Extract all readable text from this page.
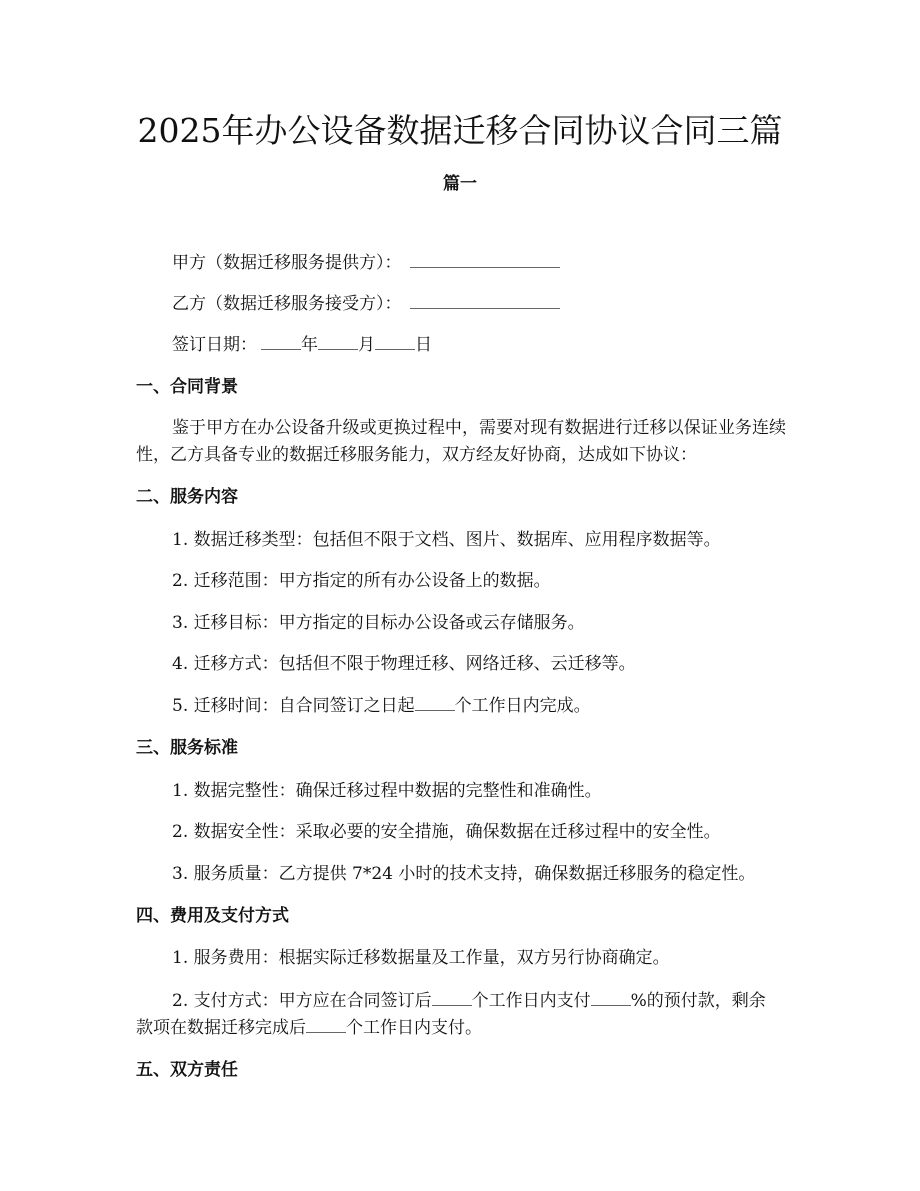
2025年办公设备数据迁移合同协议合同三篇
篇一
甲方（数据迁移服务提供方）：
乙方（数据迁移服务接受方）：
签订日期：	年 月 日
一、合同背景
鉴于甲方在办公设备升级或更换过程中，需要对现有数据进行迁移以保证业务连续性，乙方具备专业的数据迁移服务能力，双方经友好协商，达成如下协议：
二、服务内容
1. 数据迁移类型：包括但不限于文档、图片、数据库、应用程序数据等。
2. 迁移范围：甲方指定的所有办公设备上的数据。
3. 迁移目标：甲方指定的目标办公设备或云存储服务。
4. 迁移方式：包括但不限于物理迁移、网络迁移、云迁移等。
5. 迁移时间：自合同签订之日起 个工作日内完成。
三、服务标准
1. 数据完整性：确保迁移过程中数据的完整性和准确性。
2. 数据安全性：采取必要的安全措施，确保数据在迁移过程中的安全性。
3. 服务质量：乙方提供 7*24 小时的技术支持，确保数据迁移服务的稳定性。
四、费用及支付方式
1. 服务费用：根据实际迁移数据量及工作量，双方另行协商确定。
2. 支付方式：甲方应在合同签订后 个工作日内支付 %的预付款，剩余
款项在数据迁移完成后 个工作日内支付。
五、双方责任
